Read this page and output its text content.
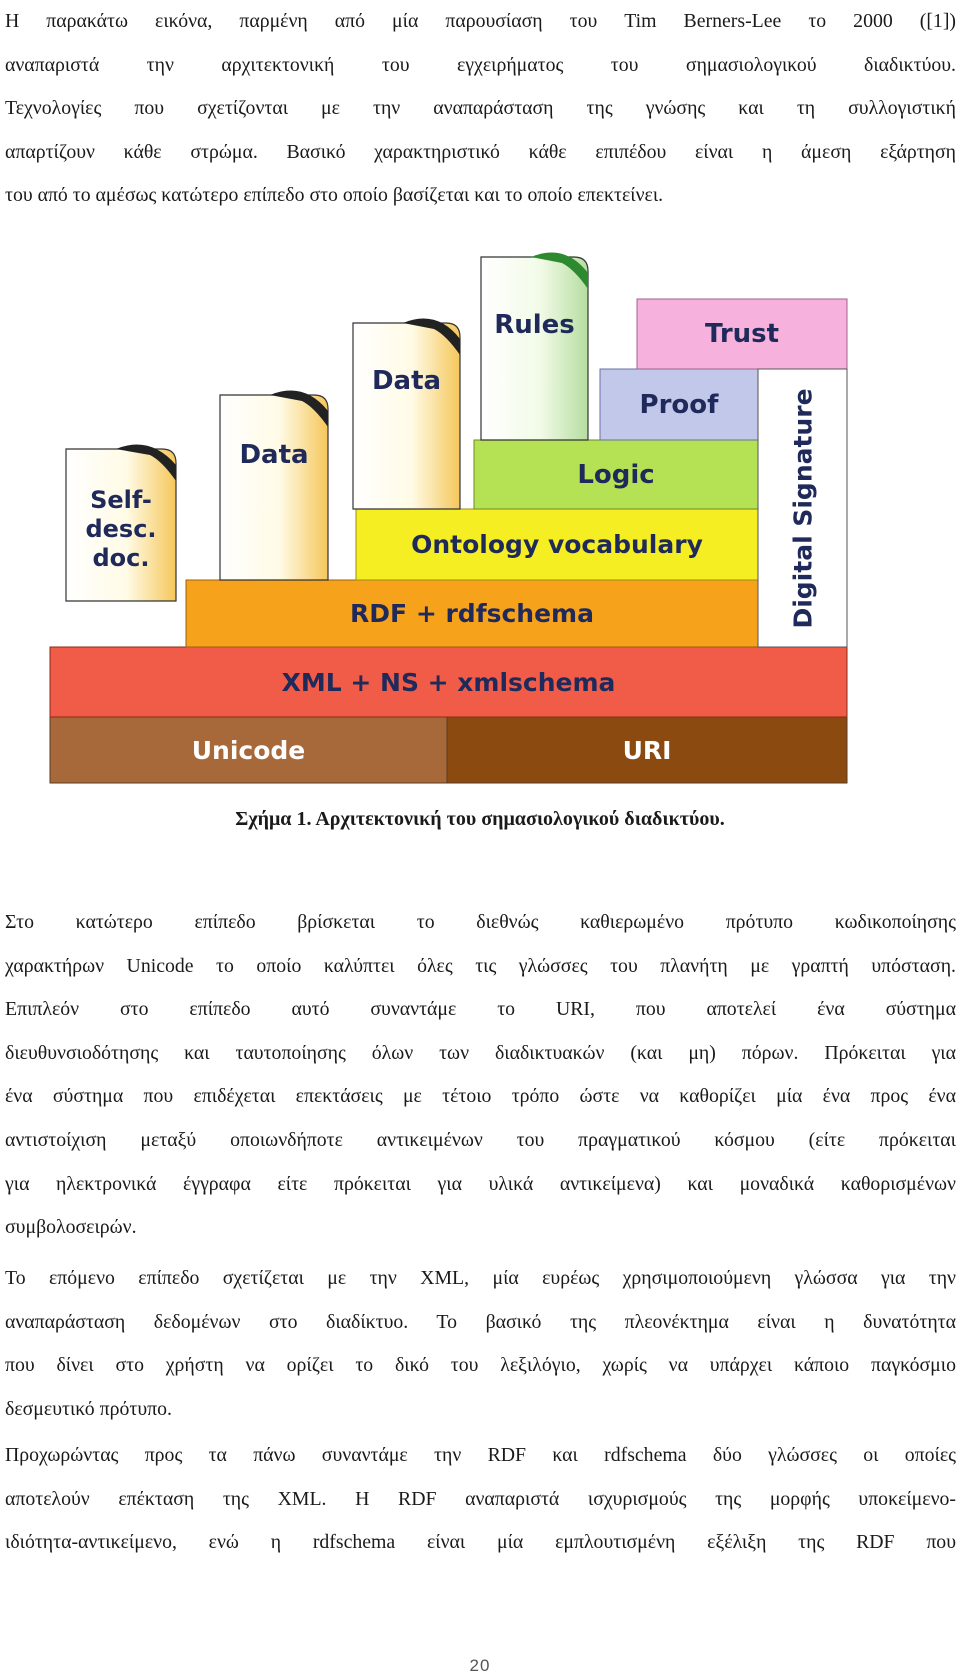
Η παρακάτω εικόνα, παρμένη από μία παρουσίαση του Tim Berners-Lee το 2000 ([1])
αναπαριστά την αρχιτεκτονική του εγχειρήματος του σημασιολογικού διαδικτύου.
Τεχνολογίες που σχετίζονται με την αναπαράσταση της γνώσης και τη συλλογιστική
απαρτίζουν κάθε στρώμα. Βασικό χαρακτηριστικό κάθε επιπέδου είναι η άμεση εξάρτηση
του από το αμέσως κατώτερο επίπεδο στο οποίο βασίζεται και το οποίο επεκτείνει.
Unicode	URI
XML + NS + xmlschema
RDF + rdfschema
Ontology vocabulary
Logic
Proof
Trust
Digital Signature
Self-
desc.
doc.
Data
Data
Rules
Σχήμα 1. Αρχιτεκτονική του σημασιολογικού διαδικτύου.
Στο κατώτερο επίπεδο βρίσκεται το διεθνώς καθιερωμένο πρότυπο κωδικοποίησης
χαρακτήρων Unicode το οποίο καλύπτει όλες τις γλώσσες του πλανήτη με γραπτή υπόσταση.
Επιπλεόν στο επίπεδο αυτό συναντάμε το URI, που αποτελεί ένα σύστημα
διευθυνσιοδότησης και ταυτοποίησης όλων των διαδικτυακών (και μη) πόρων. Πρόκειται για
ένα σύστημα που επιδέχεται επεκτάσεις με τέτοιο τρόπο ώστε να καθορίζει μία ένα προς ένα
αντιστοίχιση μεταξύ οποιωνδήποτε αντικειμένων του πραγματικού κόσμου (είτε πρόκειται
για ηλεκτρονικά έγγραφα είτε πρόκειται για υλικά αντικείμενα) και μοναδικά καθορισμένων
συμβολοσειρών.
Το επόμενο επίπεδο σχετίζεται με την XML, μία ευρέως χρησιμοποιούμενη γλώσσα για την
αναπαράσταση δεδομένων στο διαδίκτυο. Το βασικό της πλεονέκτημα είναι η δυνατότητα
που δίνει στο χρήστη να ορίζει το δικό του λεξιλόγιο, χωρίς να υπάρχει κάποιο παγκόσμιο
δεσμευτικό πρότυπο.
Προχωρώντας προς τα πάνω συναντάμε την RDF και rdfschema δύο γλώσσες οι οποίες
αποτελούν επέκταση της XML. Η RDF αναπαριστά ισχυρισμούς της μορφής υποκείμενο-
ιδιότητα-αντικείμενο, ενώ η rdfschema είναι μία εμπλουτισμένη εξέλιξη της RDF που
20
